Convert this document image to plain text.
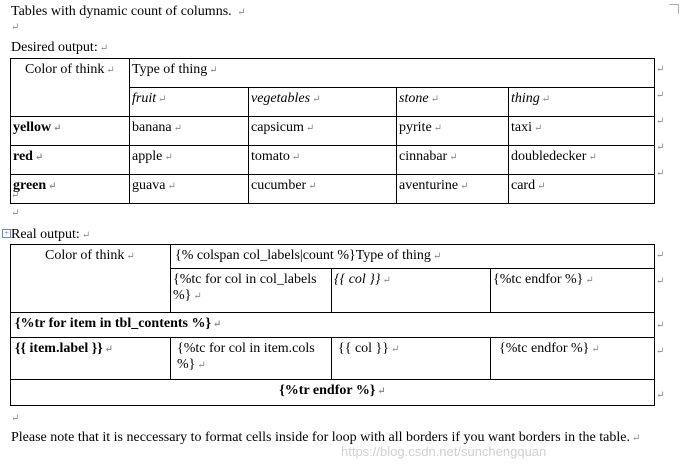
Tables with dynamic count of columns. ↵
↵
Desired output: ↵
Color of think ↵	Type of thing ↵			
	fruit ↵	vegetables ↵	stone ↵	thing ↵
yellow ↵	banana ↵	capsicum ↵	pyrite ↵	taxi ↵
red ↵	apple ↵	tomato ↵	cinnabar ↵	doubledecker ↵
green ↵	guava ↵	cucumber ↵	aventurine ↵	card ↵
↵
↵
↵
↵
↵
↵
↵
+ Real output: ↵
Color of think ↵	{% colspan col_labels|count %}Type of thing ↵		
	{%tc for col in col_labels %} ↵	{{ col }} ↵	{%tc endfor %} ↵
{%tr for item in tbl_contents %} ↵			
{{ item.label }} ↵	{%tc for col in item.cols %} ↵	{{ col }} ↵	{%tc endfor %} ↵
{%tr endfor %} ↵			
↵
↵
↵
↵
↵
↵
Please note that it is neccessary to format cells inside for loop with all borders if you want borders in the table. ↵
https://blog.csdn.net/sunchengquan
